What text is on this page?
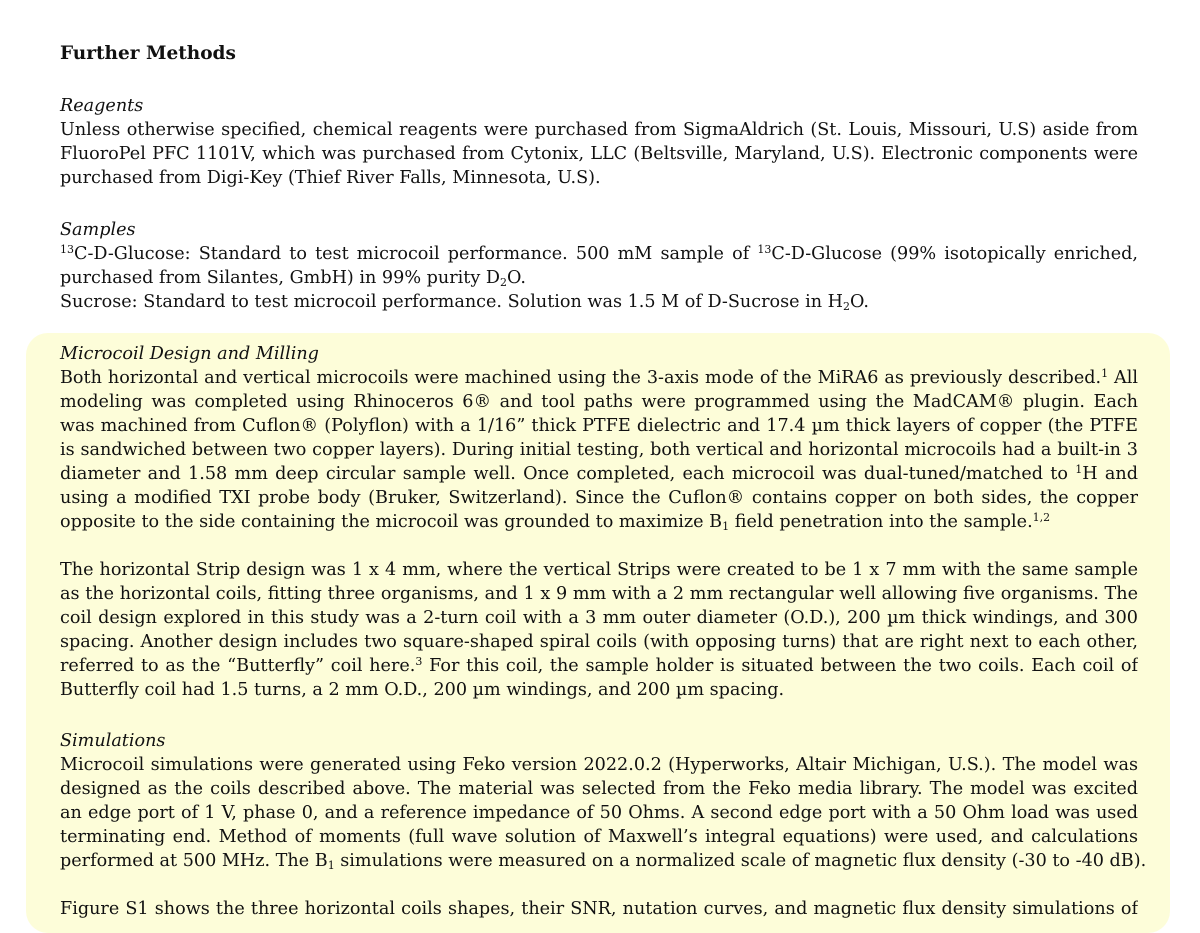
Further Methods

Reagents

Unless otherwise specified, chemical reagents were purchased from SigmaAldrich (St. Louis, Missouri, U.S) aside from
FluoroPel PFC 1101V, which was purchased from Cytonix, LLC (Beltsville, Maryland, U.S). Electronic components were
purchased from Digi-Key (Thief River Falls, Minnesota, U.S).

Samples

$^{13}$C-D-Glucose: Standard to test microcoil performance. 500 mM sample of $^{13}$C-D-Glucose (99% isotopically enriched,
purchased from Silantes, GmbH) in 99% purity $D_2O$.
Sucrose: Standard to test microcoil performance. Solution was 1.5 M of D-Sucrose in $H_2O$.

Microcoil Design and Milling

Both horizontal and vertical microcoils were machined using the 3-axis mode of the MiRA6 as previously described.$^1$ All
modeling was completed using Rhinoceros 6® and tool paths were programmed using the MadCAM® plugin. Each
was machined from Cuflon® (Polyflon) with a 1/16” thick PTFE dielectric and 17.4 µm thick layers of copper (the PTFE
is sandwiched between two copper layers). During initial testing, both vertical and horizontal microcoils had a built-in 3
diameter and 1.58 mm deep circular sample well. Once completed, each microcoil was dual-tuned/matched to $^1$H and
using a modified TXI probe body (Bruker, Switzerland). Since the Cuflon® contains copper on both sides, the copper
opposite to the side containing the microcoil was grounded to maximize $B_1$ field penetration into the sample.$^{1,2}$
The horizontal Strip design was 1 x 4 mm, where the vertical Strips were created to be 1 x 7 mm with the same sample
as the horizontal coils, fitting three organisms, and 1 x 9 mm with a 2 mm rectangular well allowing five organisms. The
coil design explored in this study was a 2-turn coil with a 3 mm outer diameter (O.D.), 200 µm thick windings, and 300
spacing. Another design includes two square-shaped spiral coils (with opposing turns) that are right next to each other,
referred to as the “Butterfly” coil here.$^3$ For this coil, the sample holder is situated between the two coils. Each coil of
Butterfly coil had 1.5 turns, a 2 mm O.D., 200 µm windings, and 200 µm spacing.

Simulations

Microcoil simulations were generated using Feko version 2022.0.2 (Hyperworks, Altair Michigan, U.S.). The model was
designed as the coils described above. The material was selected from the Feko media library. The model was excited
an edge port of 1 V, phase 0, and a reference impedance of 50 Ohms. A second edge port with a 50 Ohm load was used
terminating end. Method of moments (full wave solution of Maxwell’s integral equations) were used, and calculations
performed at 500 MHz. The $B_1$ simulations were measured on a normalized scale of magnetic flux density (-30 to -40 dB).
Figure S1 shows the three horizontal coils shapes, their SNR, nutation curves, and magnetic flux density simulations of
